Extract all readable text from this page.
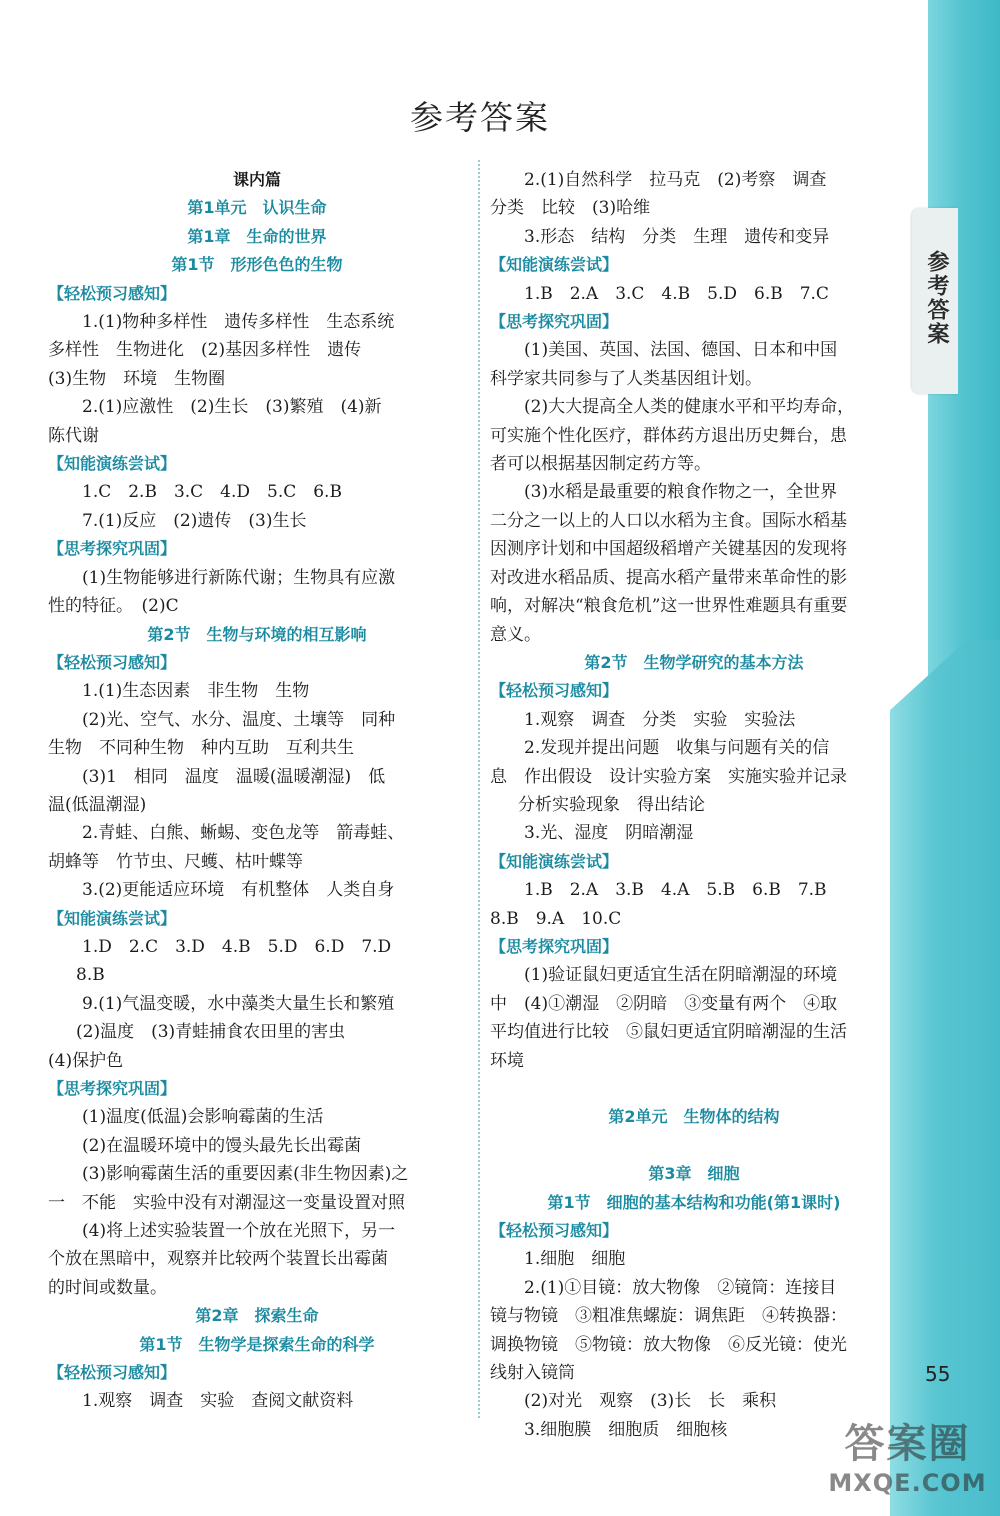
参考答案
参考答案
课内篇
第1单元　认识生命
第1章　生命的世界
第1节　形形色色的生物
【轻松预习感知】
1.(1)物种多样性　遗传多样性　生态系统
多样性　生物进化　(2)基因多样性　遗传
(3)生物　环境　生物圈
2.(1)应激性　(2)生长　(3)繁殖　(4)新
陈代谢
【知能演练尝试】
1.C　2.B　3.C　4.D　5.C　6.B
7.(1)反应　(2)遗传　(3)生长
【思考探究巩固】
(1)生物能够进行新陈代谢；生物具有应激
性的特征。　(2)C
第2节　生物与环境的相互影响
【轻松预习感知】
1.(1)生态因素　非生物　生物
(2)光、空气、水分、温度、土壤等　同种
生物　不同种生物　种内互助　互利共生
(3)1　相同　温度　温暖(温暖潮湿)　低
温(低温潮湿)
2.青蛙、白熊、蜥蜴、变色龙等　箭毒蛙、
胡蜂等　竹节虫、尺蠖、枯叶蝶等
3.(2)更能适应环境　有机整体　人类自身
【知能演练尝试】
1.D　2.C　3.D　4.B　5.D　6.D　7.D
8.B
9.(1)气温变暖，水中藻类大量生长和繁殖
(2)温度　(3)青蛙捕食农田里的害虫
(4)保护色
【思考探究巩固】
(1)温度(低温)会影响霉菌的生活
(2)在温暖环境中的馒头最先长出霉菌
(3)影响霉菌生活的重要因素(非生物因素)之
一　不能　实验中没有对潮湿这一变量设置对照
(4)将上述实验装置一个放在光照下，另一
个放在黑暗中，观察并比较两个装置长出霉菌
的时间或数量。
第2章　探索生命
第1节　生物学是探索生命的科学
【轻松预习感知】
1.观察　调查　实验　查阅文献资料
2.(1)自然科学　拉马克　(2)考察　调查
分类　比较　(3)哈维
3.形态　结构　分类　生理　遗传和变异
【知能演练尝试】
1.B　2.A　3.C　4.B　5.D　6.B　7.C
【思考探究巩固】
(1)美国、英国、法国、德国、日本和中国
科学家共同参与了人类基因组计划。
(2)大大提高全人类的健康水平和平均寿命，
可实施个性化医疗，群体药方退出历史舞台，患
者可以根据基因制定药方等。
(3)水稻是最重要的粮食作物之一，全世界
二分之一以上的人口以水稻为主食。国际水稻基
因测序计划和中国超级稻增产关键基因的发现将
对改进水稻品质、提高水稻产量带来革命性的影
响，对解决“粮食危机”这一世界性难题具有重要
意义。
第2节　生物学研究的基本方法
【轻松预习感知】
1.观察　调查　分类　实验　实验法
2.发现并提出问题　收集与问题有关的信
息　作出假设　设计实验方案　实施实验并记录
分析实验现象　得出结论
3.光、湿度　阴暗潮湿
【知能演练尝试】
1.B　2.A　3.B　4.A　5.B　6.B　7.B
8.B　9.A　10.C
【思考探究巩固】
(1)验证鼠妇更适宜生活在阴暗潮湿的环境
中　(4)①潮湿　②阴暗　③变量有两个　④取
平均值进行比较　⑤鼠妇更适宜阴暗潮湿的生活
环境

第2单元　生物体的结构

第3章　细胞
第1节　细胞的基本结构和功能(第1课时)
【轻松预习感知】
1.细胞　细胞
2.(1)①目镜：放大物像　②镜筒：连接目
镜与物镜　③粗准焦螺旋：调焦距　④转换器：
调换物镜　⑤物镜：放大物像　⑥反光镜：使光
线射入镜筒
(2)对光　观察　(3)长　长　乘积
3.细胞膜　细胞质　细胞核
55
答案圈
MXQE.COM
